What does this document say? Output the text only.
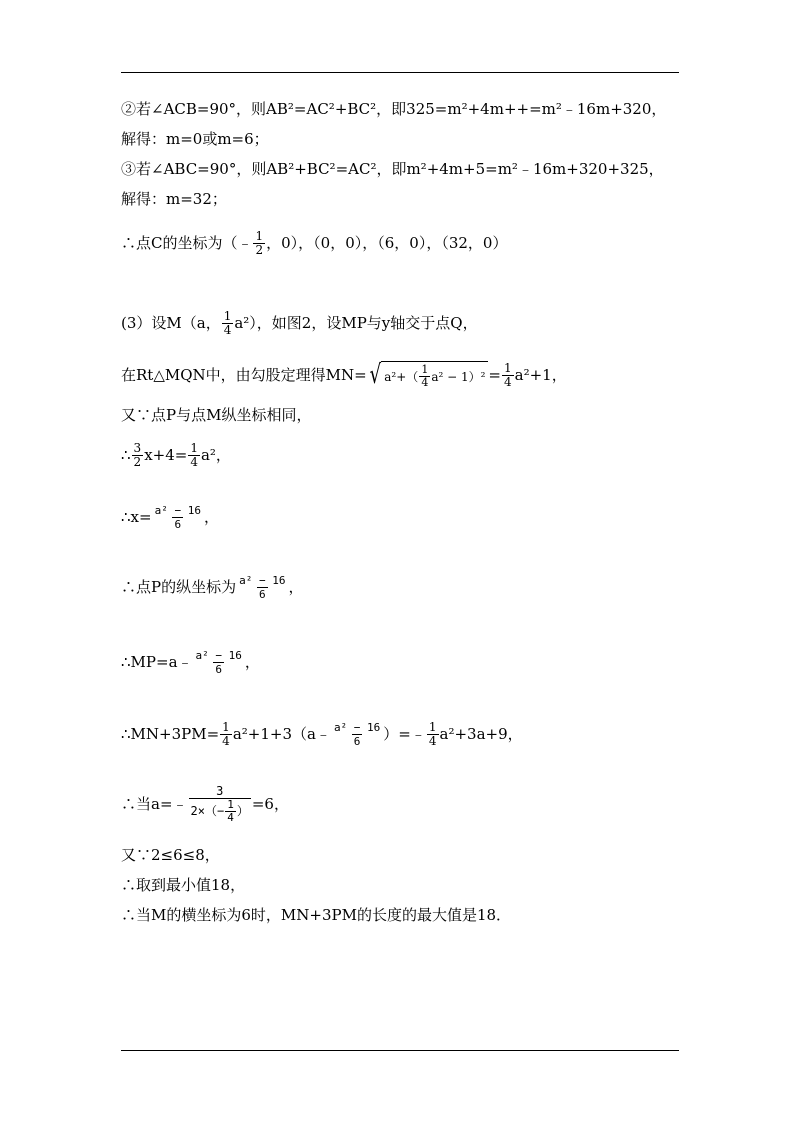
②若∠ACB=90°，则AB²=AC²+BC²，即325=m²+4m++=m²﹣16m+320，
解得：m=0或m=6；
③若∠ABC=90°，则AB²+BC²=AC²，即m²+4m+5=m²﹣16m+320+325，
解得：m=32；
∴点C的坐标为（﹣ $\frac{1}{2}$ ，0），（0，0），（6，0），（32，0）
(3）设M（a， $\frac{1}{4} a^2$），如图2，设MP与y轴交于点Q，
在Rt△MQN中，由勾股定理得MN= √ $a^2+( \frac{1}{4} a^2 - 1)^2 = \frac{1}{4} a^2+1$，
又∵点P与点M纵坐标相同，
∴ $\frac{3}{2} x+4= \frac{1}{4} a^2$，
∴x= $\frac{\text{a² − 16}}{6}$ ，
∴点P的纵坐标为 $\frac{\text{a² − 16}}{6}$ ，
∴MP=a﹣ $\frac{\text{a² − 16}}{6}$ ，
∴MN+3PM= $\frac{1}{4}$ a²+1+3（a﹣ $\frac{\text{a² − 16}}{6}$ ）=﹣ $\frac{1}{4} a^2+3a+9$，
∴当a=﹣ $\frac{3}{2\times(- \frac{1}{4} )} =6$，
又∵2≤6≤8，
∴取到最小值18，
∴当M的横坐标为6时，MN+3PM的长度的最大值是18．
